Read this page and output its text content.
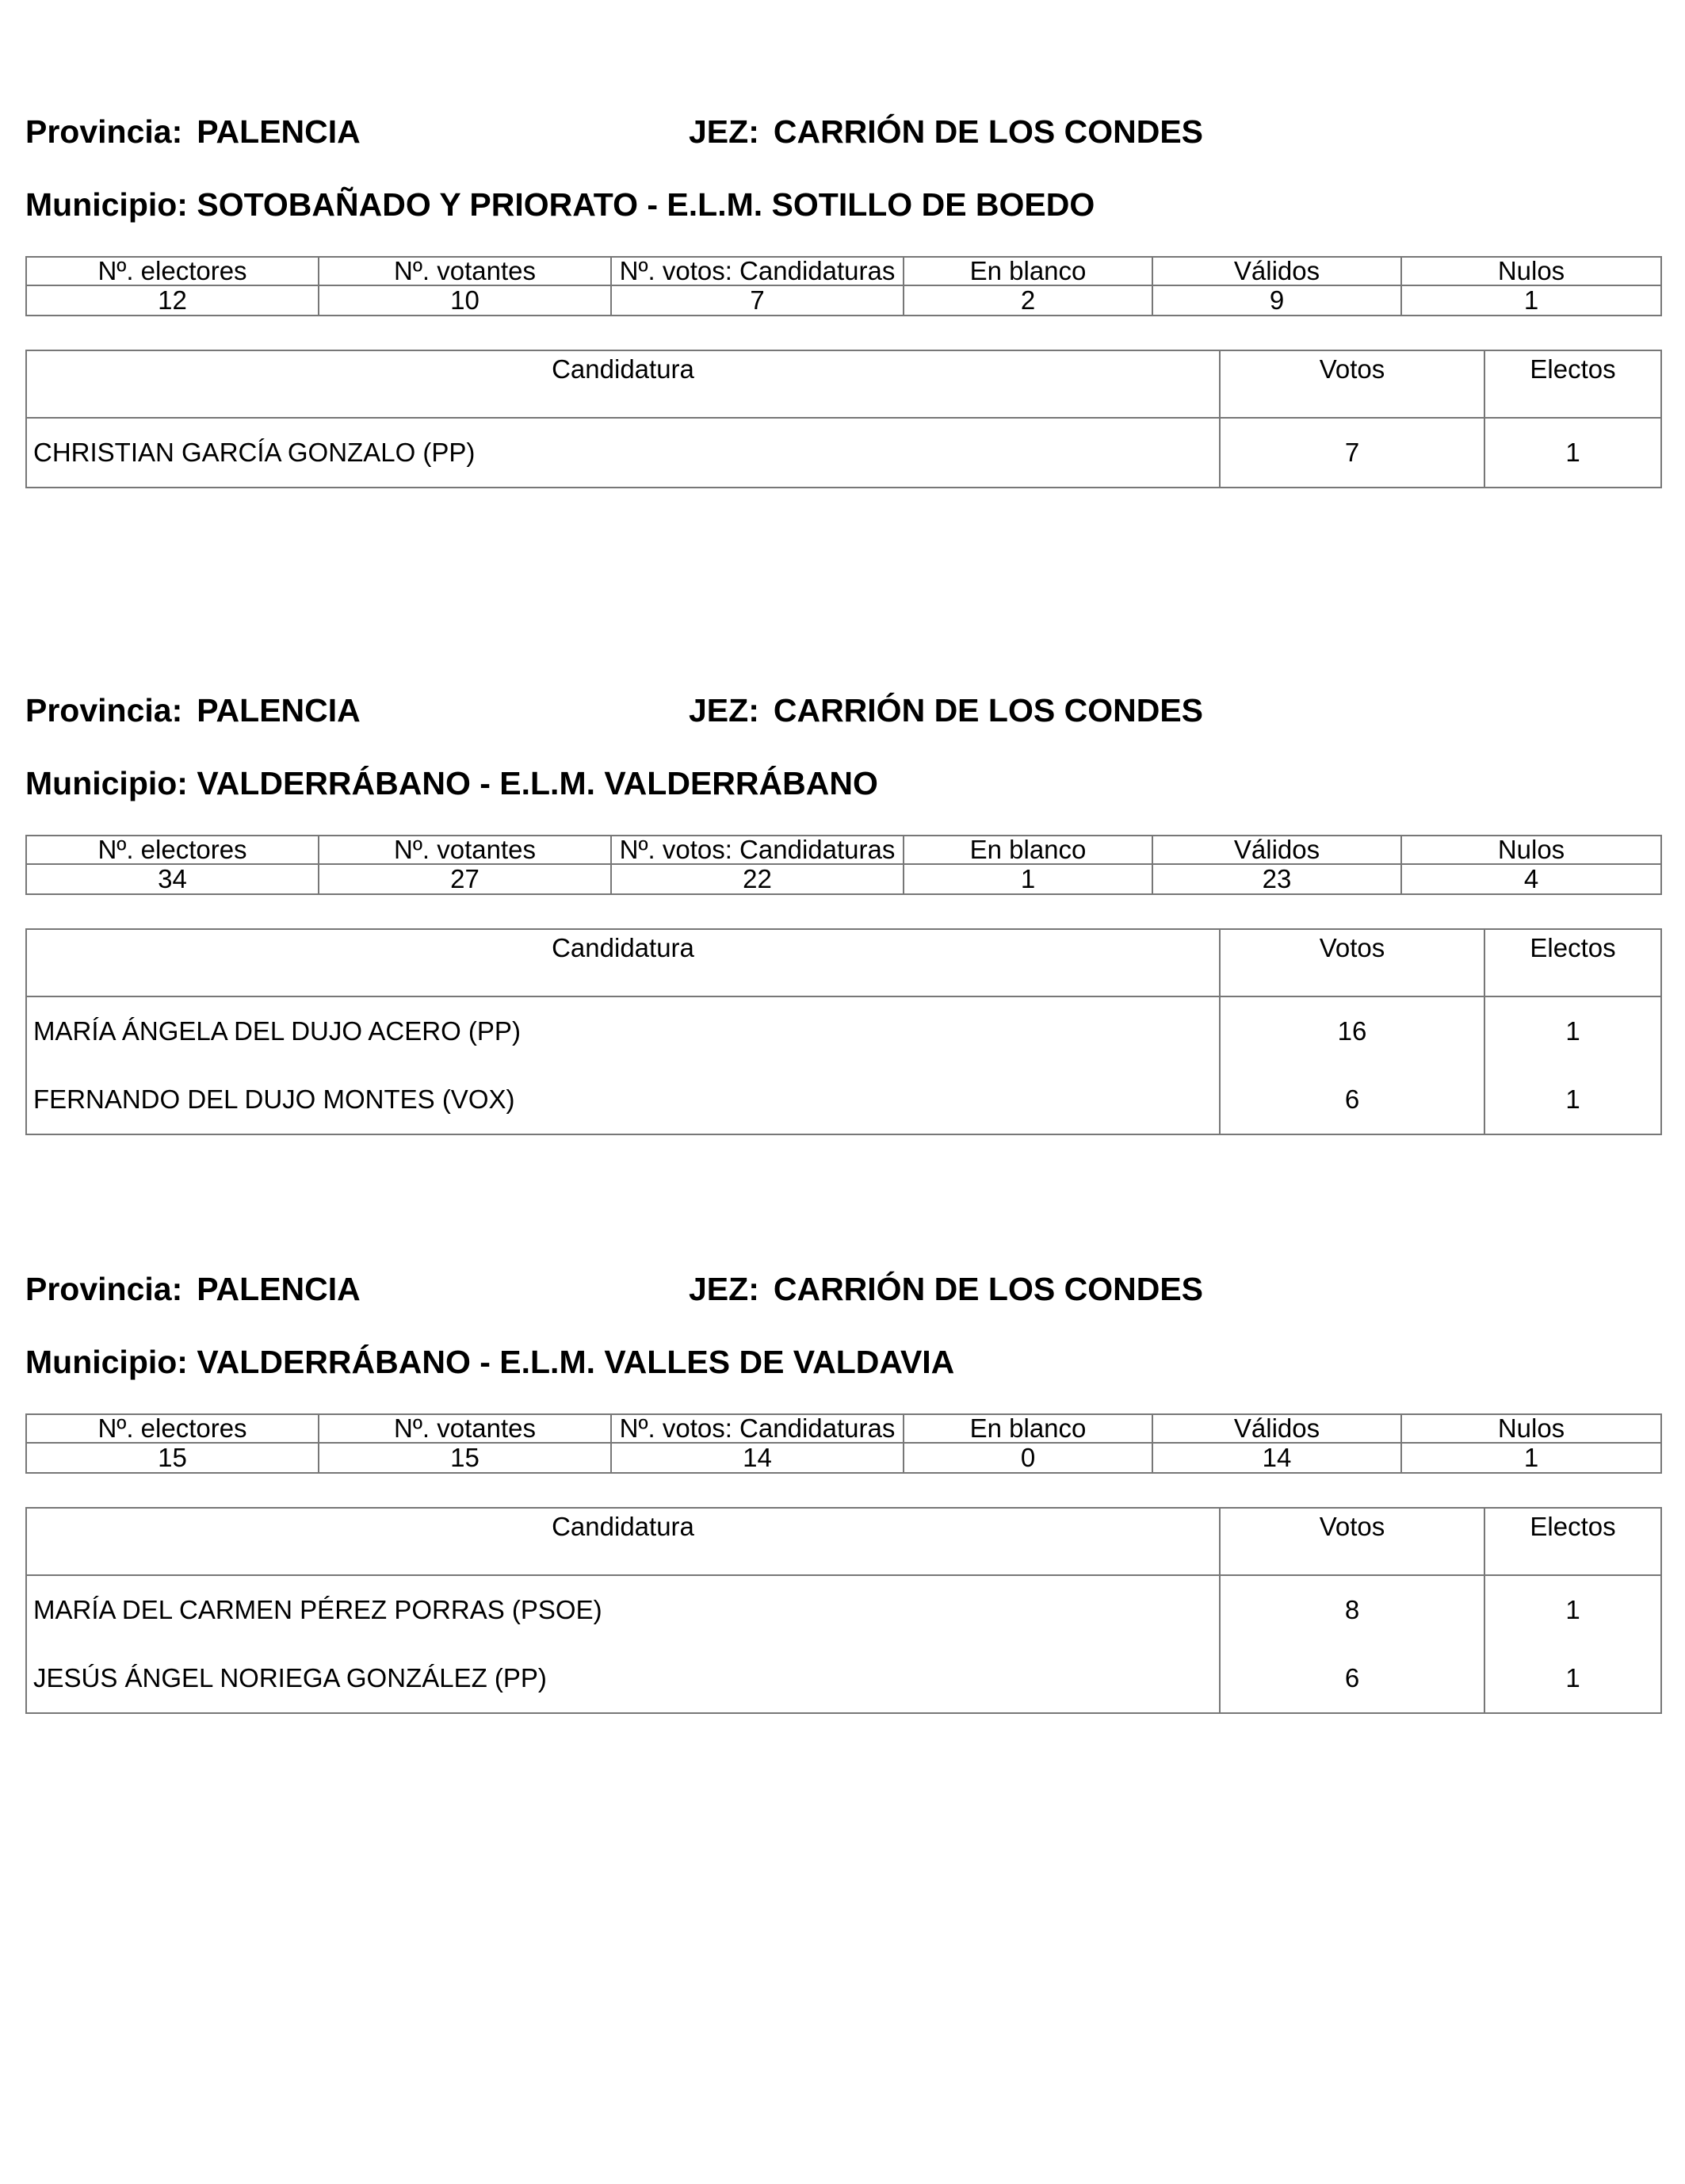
Provincia: PALENCIA	JEZ: CARRIÓN DE LOS CONDES
Municipio: SOTOBAÑADO Y PRIORATO - E.L.M. SOTILLO DE BOEDO
Nº. electores	Nº. votantes	Nº. votos: Candidaturas	En blanco	Válidos	Nulos
12	10	7	2	9	1
Candidatura	Votos	Electos
CHRISTIAN GARCÍA GONZALO (PP)	7	1
Provincia: PALENCIA	JEZ: CARRIÓN DE LOS CONDES
Municipio: VALDERRÁBANO - E.L.M. VALDERRÁBANO
Nº. electores	Nº. votantes	Nº. votos: Candidaturas	En blanco	Válidos	Nulos
34	27	22	1	23	4
Candidatura	Votos	Electos
MARÍA ÁNGELA DEL DUJO ACERO (PP)	16	1
FERNANDO DEL DUJO MONTES (VOX)	6	1
Provincia: PALENCIA	JEZ: CARRIÓN DE LOS CONDES
Municipio: VALDERRÁBANO - E.L.M. VALLES DE VALDAVIA
Nº. electores	Nº. votantes	Nº. votos: Candidaturas	En blanco	Válidos	Nulos
15	15	14	0	14	1
Candidatura	Votos	Electos
MARÍA DEL CARMEN PÉREZ PORRAS (PSOE)	8	1
JESÚS ÁNGEL NORIEGA GONZÁLEZ (PP)	6	1
